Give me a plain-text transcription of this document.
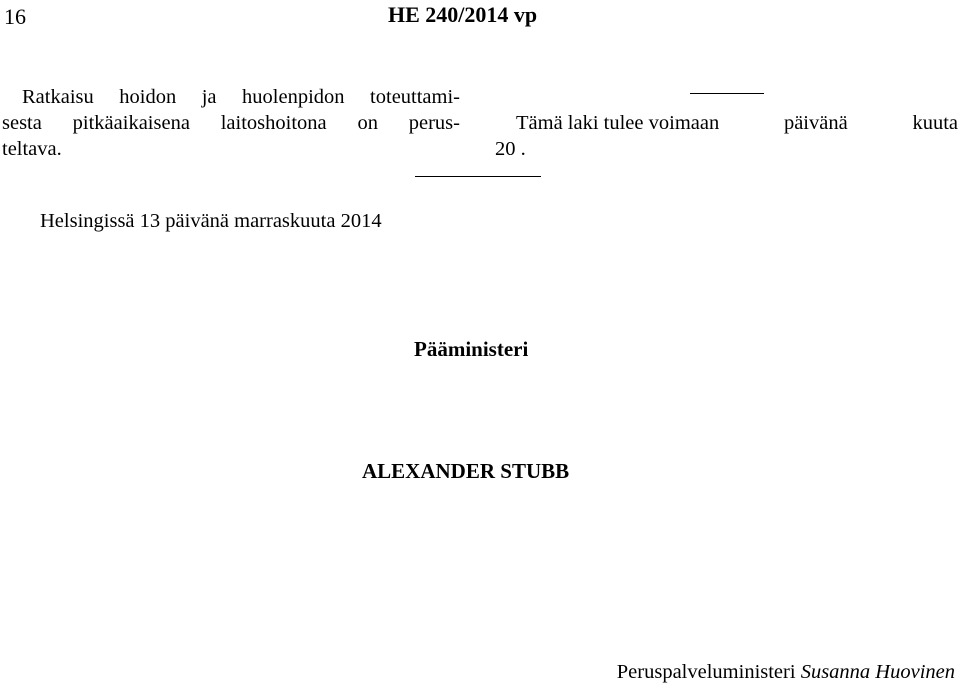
16	HE 240/2014 vp
Ratkaisu hoidon ja huolenpidon toteuttami-
sesta pitkäaikaisena laitoshoitona on perus-
teltava.
Tämä laki tulee voimaan	päivänä	kuuta
20 .
Helsingissä 13 päivänä marraskuuta 2014
Pääministeri
ALEXANDER STUBB
Peruspalveluministeri Susanna Huovinen
